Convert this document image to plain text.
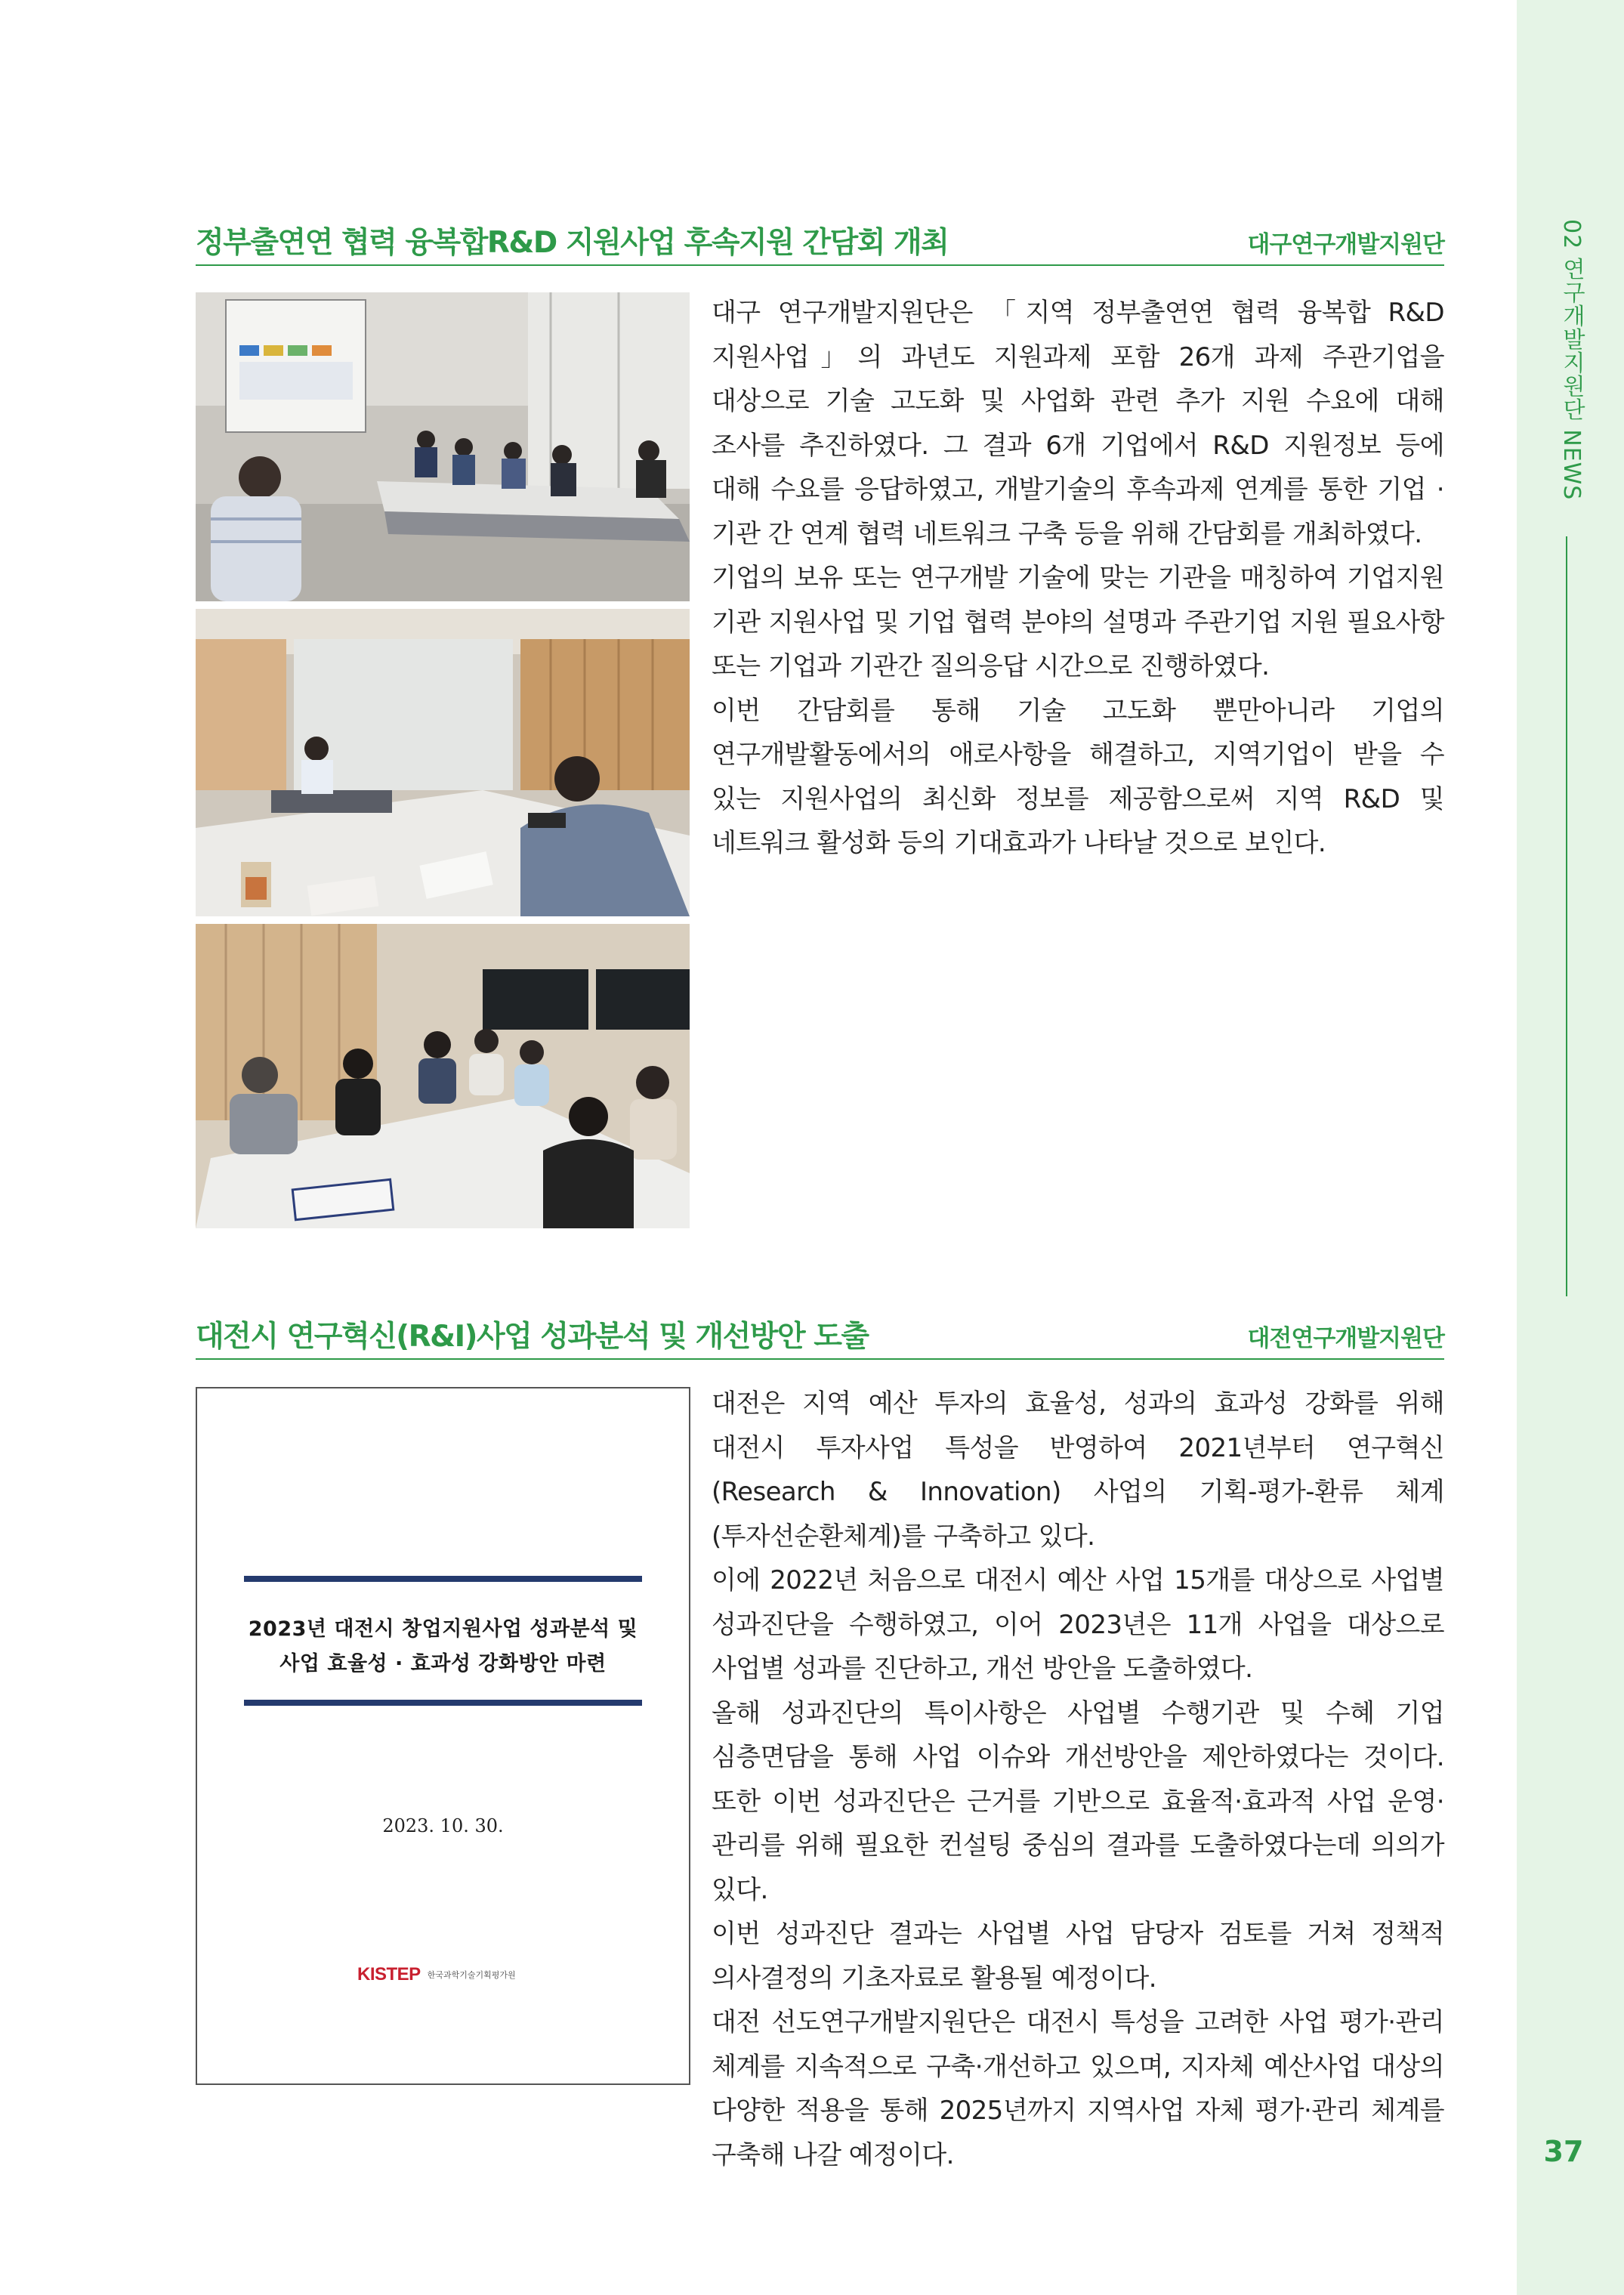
02 연구개발지원단 NEWS
37
정부출연연 협력 융복합R&D 지원사업 후속지원 간담회 개최	대구연구개발지원단

대구 연구개발지원단은 「지역 정부출연연 협력 융복합 R&D 지원사업」의 과년도 지원과제 포함 26개 과제 주관기업을 대상으로 기술 고도화 및 사업화 관련 추가 지원 수요에 대해 조사를 추진하였다. 그 결과 6개 기업에서 R&D 지원정보 등에 대해 수요를 응답하였고, 개발기술의 후속과제 연계를 통한 기업 · 기관 간 연계 협력 네트워크 구축 등을 위해 간담회를 개최하였다.

기업의 보유 또는 연구개발 기술에 맞는 기관을 매칭하여 기업지원 기관 지원사업 및 기업 협력 분야의 설명과 주관기업 지원 필요사항 또는 기업과 기관간 질의응답 시간으로 진행하였다.

이번 간담회를 통해 기술 고도화 뿐만아니라 기업의 연구개발활동에서의 애로사항을 해결하고, 지역기업이 받을 수 있는 지원사업의 최신화 정보를 제공함으로써 지역 R&D 및 네트워크 활성화 등의 기대효과가 나타날 것으로 보인다.

대전시 연구혁신(R&I)사업 성과분석 및 개선방안 도출	대전연구개발지원단
2023년 대전시 창업지원사업 성과분석 및
사업 효율성 · 효과성 강화방안 마련
2023. 10. 30.
KISTEP 한국과학기술기획평가원

대전은 지역 예산 투자의 효율성, 성과의 효과성 강화를 위해 대전시 투자사업 특성을 반영하여 2021년부터 연구혁신(Research & Innovation) 사업의 기획-평가-환류 체계(투자선순환체계)를 구축하고 있다.

이에 2022년 처음으로 대전시 예산 사업 15개를 대상으로 사업별 성과진단을 수행하였고, 이어 2023년은 11개 사업을 대상으로 사업별 성과를 진단하고, 개선 방안을 도출하였다.

올해 성과진단의 특이사항은 사업별 수행기관 및 수혜 기업 심층면담을 통해 사업 이슈와 개선방안을 제안하였다는 것이다. 또한 이번 성과진단은 근거를 기반으로 효율적·효과적 사업 운영·관리를 위해 필요한 컨설팅 중심의 결과를 도출하였다는데 의의가 있다.

이번 성과진단 결과는 사업별 사업 담당자 검토를 거쳐 정책적 의사결정의 기초자료로 활용될 예정이다.

대전 선도연구개발지원단은 대전시 특성을 고려한 사업 평가·관리 체계를 지속적으로 구축·개선하고 있으며, 지자체 예산사업 대상의 다양한 적용을 통해 2025년까지 지역사업 자체 평가·관리 체계를 구축해 나갈 예정이다.
